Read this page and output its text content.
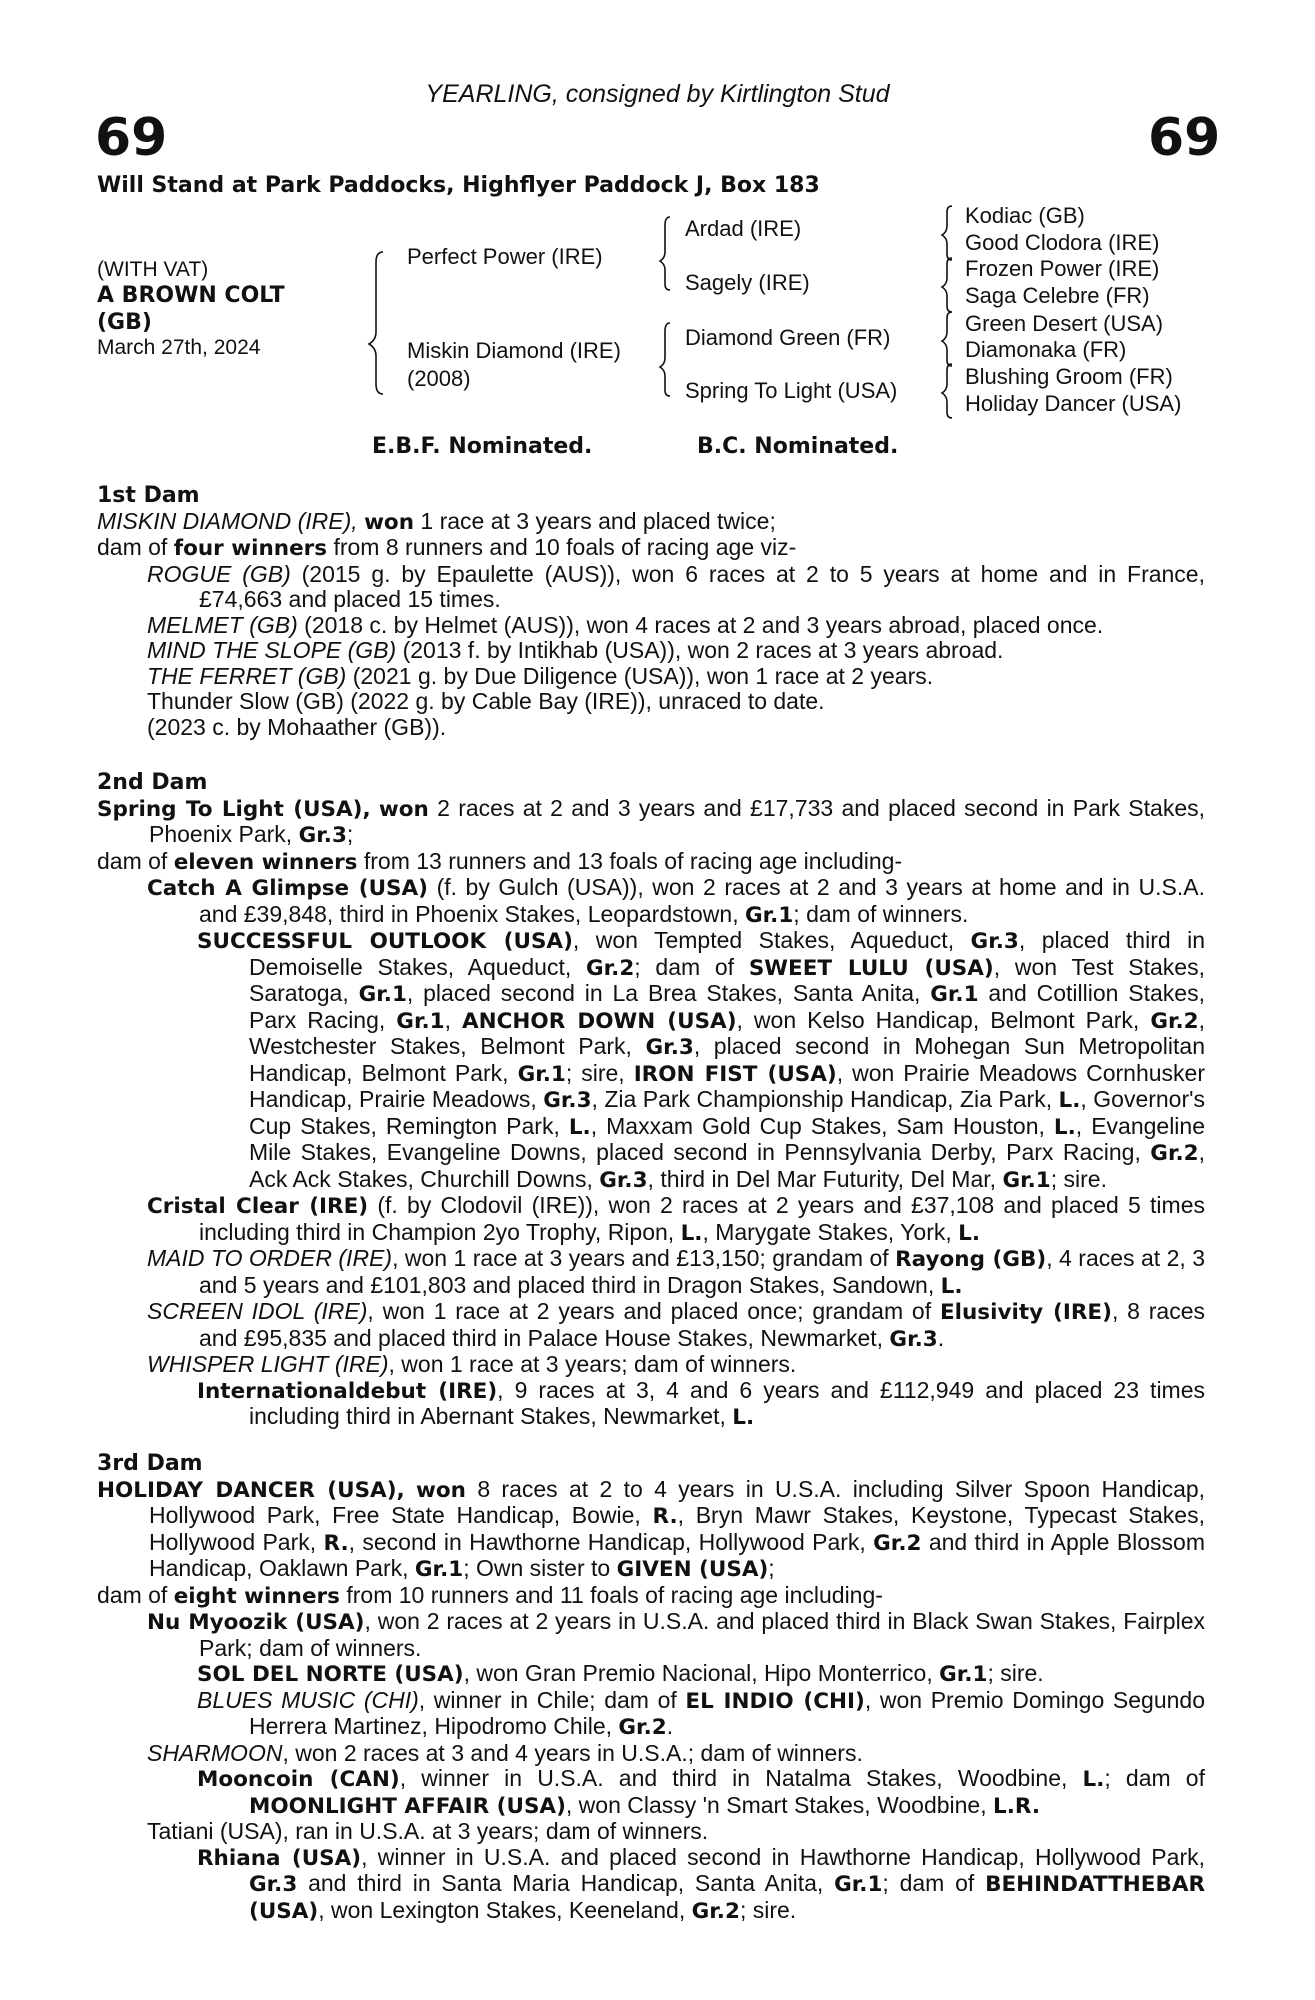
69	69
YEARLING, consigned by Kirtlington Stud
Will Stand at Park Paddocks, Highflyer Paddock J, Box 183
(WITH VAT)
A BROWN COLT
(GB)
March 27th, 2024
Perfect Power (IRE)
Ardad (IRE)
Sagely (IRE)
Miskin Diamond (IRE)
(2008)
Diamond Green (FR)
Spring To Light (USA)
Kodiac (GB)
Good Clodora (IRE)
Frozen Power (IRE)
Saga Celebre (FR)
Green Desert (USA)
Diamonaka (FR)
Blushing Groom (FR)
Holiday Dancer (USA)
E.B.F. Nominated.	B.C. Nominated.
1st Dam

MISKIN DIAMOND (IRE), won 1 race at 3 years and placed twice;

dam of four winners from 8 runners and 10 foals of racing age viz-

ROGUE (GB) (2015 g. by Epaulette (AUS)), won 6 races at 2 to 5 years at home and in France, £74,663 and placed 15 times.

MELMET (GB) (2018 c. by Helmet (AUS)), won 4 races at 2 and 3 years abroad, placed once.

MIND THE SLOPE (GB) (2013 f. by Intikhab (USA)), won 2 races at 3 years abroad.

THE FERRET (GB) (2021 g. by Due Diligence (USA)), won 1 race at 2 years.

Thunder Slow (GB) (2022 g. by Cable Bay (IRE)), unraced to date.

(2023 c. by Mohaather (GB)).

2nd Dam

Spring To Light (USA), won 2 races at 2 and 3 years and £17,733 and placed second in Park Stakes, Phoenix Park, Gr.3;

dam of eleven winners from 13 runners and 13 foals of racing age including-

Catch A Glimpse (USA) (f. by Gulch (USA)), won 2 races at 2 and 3 years at home and in U.S.A. and £39,848, third in Phoenix Stakes, Leopardstown, Gr.1; dam of winners.

SUCCESSFUL OUTLOOK (USA), won Tempted Stakes, Aqueduct, Gr.3, placed third in Demoiselle Stakes, Aqueduct, Gr.2; dam of SWEET LULU (USA), won Test Stakes, Saratoga, Gr.1, placed second in La Brea Stakes, Santa Anita, Gr.1 and Cotillion Stakes, Parx Racing, Gr.1, ANCHOR DOWN (USA), won Kelso Handicap, Belmont Park, Gr.2, Westchester Stakes, Belmont Park, Gr.3, placed second in Mohegan Sun Metropolitan Handicap, Belmont Park, Gr.1; sire, IRON FIST (USA), won Prairie Meadows Cornhusker Handicap, Prairie Meadows, Gr.3, Zia Park Championship Handicap, Zia Park, L., Governor's Cup Stakes, Remington Park, L., Maxxam Gold Cup Stakes, Sam Houston, L., Evangeline Mile Stakes, Evangeline Downs, placed second in Pennsylvania Derby, Parx Racing, Gr.2, Ack Ack Stakes, Churchill Downs, Gr.3, third in Del Mar Futurity, Del Mar, Gr.1; sire.

Cristal Clear (IRE) (f. by Clodovil (IRE)), won 2 races at 2 years and £37,108 and placed 5 times including third in Champion 2yo Trophy, Ripon, L., Marygate Stakes, York, L.

MAID TO ORDER (IRE), won 1 race at 3 years and £13,150; grandam of Rayong (GB), 4 races at 2, 3 and 5 years and £101,803 and placed third in Dragon Stakes, Sandown, L.

SCREEN IDOL (IRE), won 1 race at 2 years and placed once; grandam of Elusivity (IRE), 8 races and £95,835 and placed third in Palace House Stakes, Newmarket, Gr.3.

WHISPER LIGHT (IRE), won 1 race at 3 years; dam of winners.

Internationaldebut (IRE), 9 races at 3, 4 and 6 years and £112,949 and placed 23 times including third in Abernant Stakes, Newmarket, L.

3rd Dam

HOLIDAY DANCER (USA), won 8 races at 2 to 4 years in U.S.A. including Silver Spoon Handicap, Hollywood Park, Free State Handicap, Bowie, R., Bryn Mawr Stakes, Keystone, Typecast Stakes, Hollywood Park, R., second in Hawthorne Handicap, Hollywood Park, Gr.2 and third in Apple Blossom Handicap, Oaklawn Park, Gr.1; Own sister to GIVEN (USA);

dam of eight winners from 10 runners and 11 foals of racing age including-

Nu Myoozik (USA), won 2 races at 2 years in U.S.A. and placed third in Black Swan Stakes, Fairplex Park; dam of winners.

SOL DEL NORTE (USA), won Gran Premio Nacional, Hipo Monterrico, Gr.1; sire.

BLUES MUSIC (CHI), winner in Chile; dam of EL INDIO (CHI), won Premio Domingo Segundo Herrera Martinez, Hipodromo Chile, Gr.2.

SHARMOON, won 2 races at 3 and 4 years in U.S.A.; dam of winners.

Mooncoin (CAN), winner in U.S.A. and third in Natalma Stakes, Woodbine, L.; dam of MOONLIGHT AFFAIR (USA), won Classy 'n Smart Stakes, Woodbine, L.R.

Tatiani (USA), ran in U.S.A. at 3 years; dam of winners.

Rhiana (USA), winner in U.S.A. and placed second in Hawthorne Handicap, Hollywood Park, Gr.3 and third in Santa Maria Handicap, Santa Anita, Gr.1; dam of BEHINDATTHEBAR (USA), won Lexington Stakes, Keeneland, Gr.2; sire.
